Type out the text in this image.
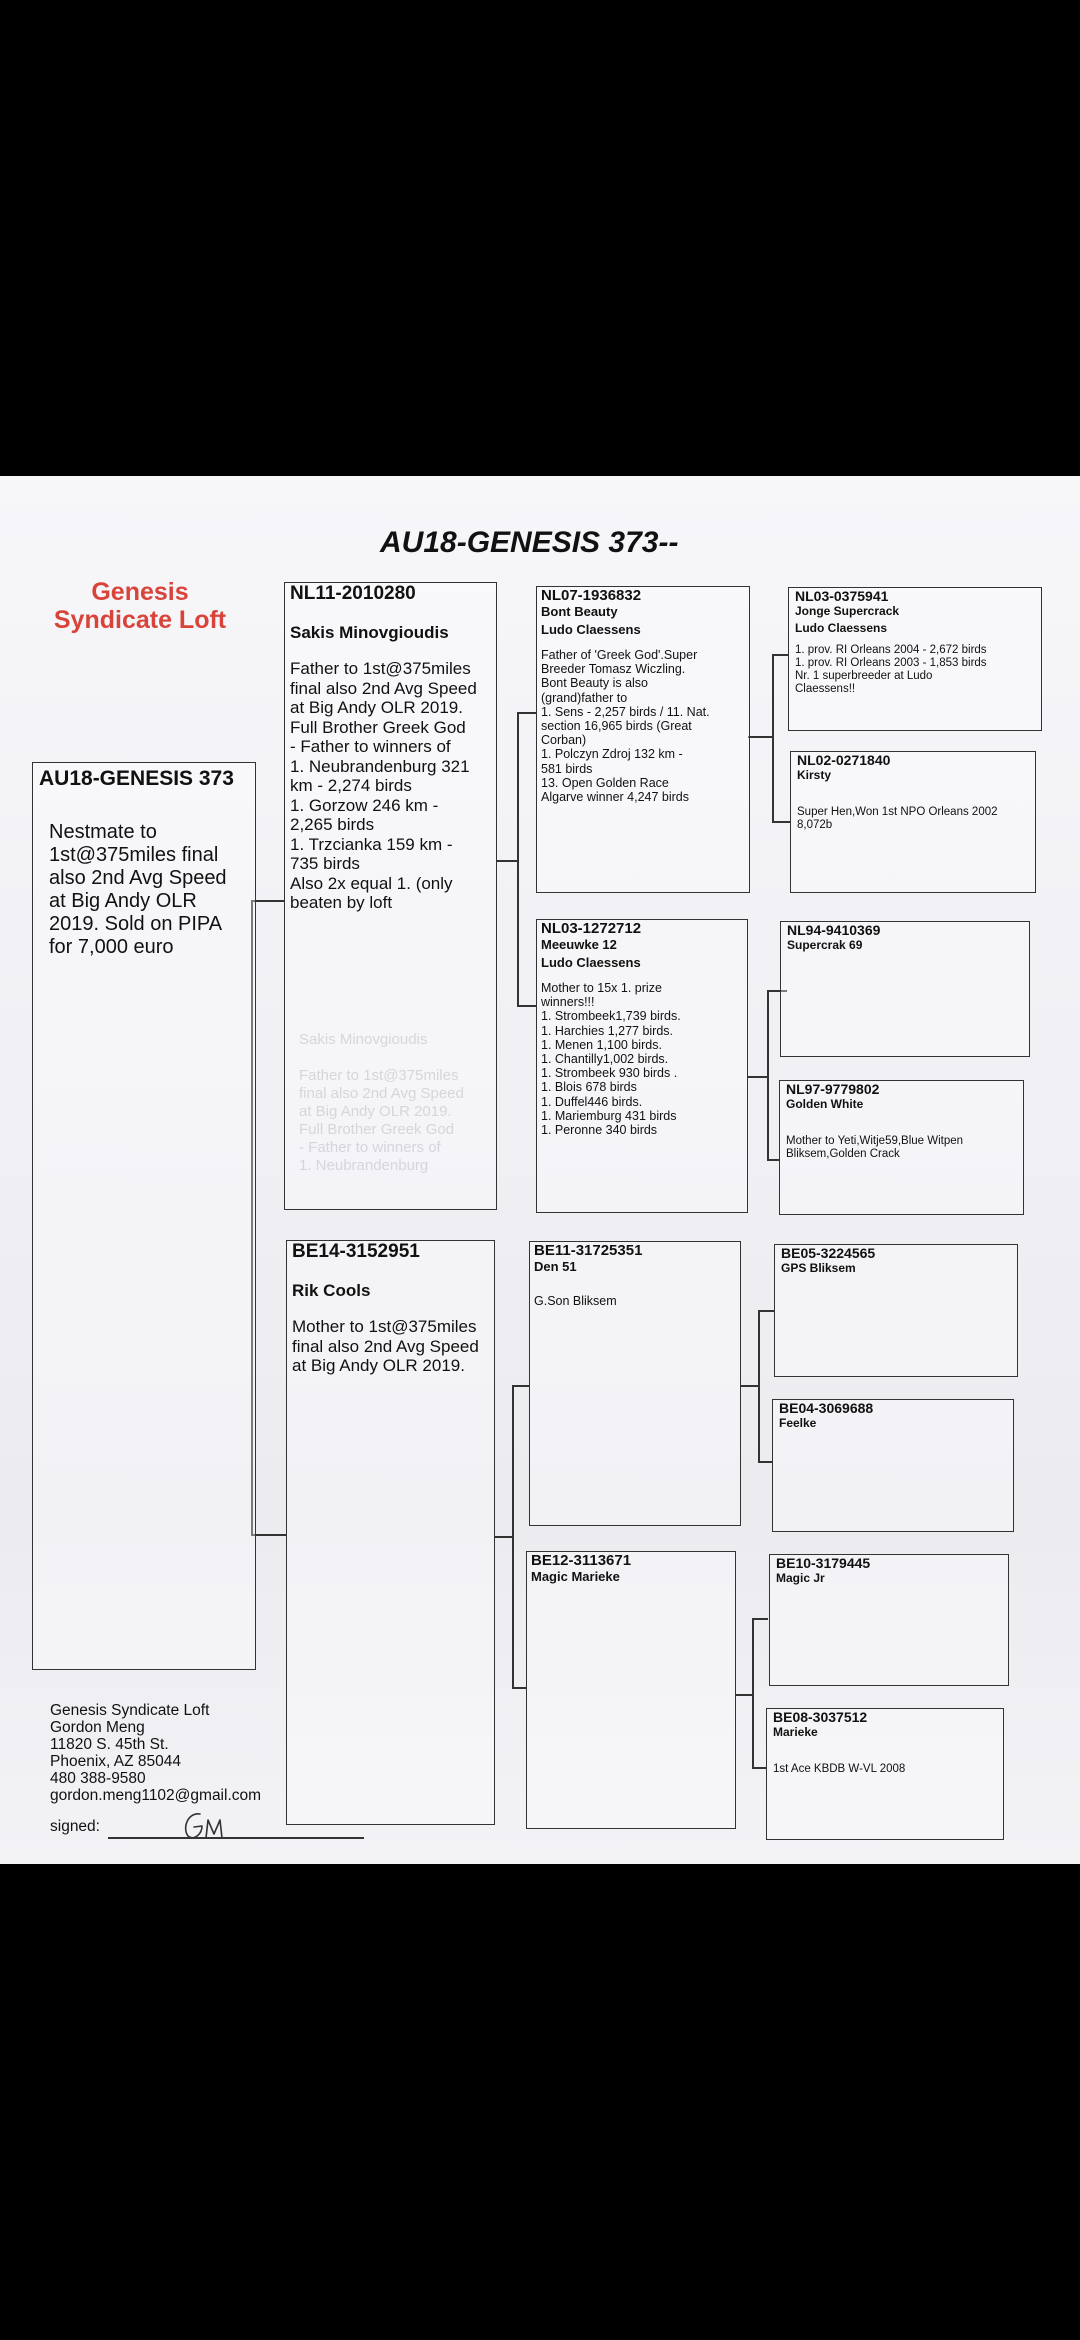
AU18-GENESIS 373--
Genesis
Syndicate Loft
AU18-GENESIS 373
Nestmate to
1st@375miles final
also 2nd Avg Speed
at Big Andy OLR
2019. Sold on PIPA
for 7,000 euro
NL11-2010280
Sakis Minovgioudis
Father to 1st@375miles
final also 2nd Avg Speed
at Big Andy OLR 2019.
Full Brother Greek God
- Father to winners of
1. Neubrandenburg 321
km - 2,274 birds
1. Gorzow 246 km -
2,265 birds
1. Trzcianka 159 km -
735 birds
Also 2x equal 1. (only
beaten by loft
Sakis Minovgioudis

Father to 1st@375miles
final also 2nd Avg Speed
at Big Andy OLR 2019.
Full Brother Greek God
- Father to winners of
1. Neubrandenburg
BE14-3152951
Rik Cools
Mother to 1st@375miles
final also 2nd Avg Speed
at Big Andy OLR 2019.
NL07-1936832
Bont Beauty
Ludo Claessens
Father of 'Greek God'.Super
Breeder Tomasz Wiczling.
Bont Beauty is also
(grand)father to
1. Sens - 2,257 birds / 11. Nat.
section 16,965 birds (Great
Corban)
1. Polczyn Zdroj 132 km -
581 birds
13. Open Golden Race
Algarve winner 4,247 birds
NL03-1272712
Meeuwke 12
Ludo Claessens
Mother to 15x 1. prize
winners!!!
1. Strombeek1,739 birds.
1. Harchies 1,277 birds.
1. Menen 1,100 birds.
1. Chantilly1,002 birds.
1. Strombeek 930 birds .
1. Blois 678 birds
1. Duffel446 birds.
1. Mariemburg 431 birds
1. Peronne 340 birds
BE11-31725351
Den 51
G.Son Bliksem
BE12-3113671
Magic Marieke
NL03-0375941
Jonge Supercrack
Ludo Claessens
1. prov. RI Orleans 2004 - 2,672 birds
1. prov. RI Orleans 2003 - 1,853 birds
Nr. 1 superbreeder at Ludo
Claessens!!
NL02-0271840
Kirsty
Super Hen,Won 1st NPO Orleans 2002
8,072b
NL94-9410369
Supercrak 69
NL97-9779802
Golden White
Mother to Yeti,Witje59,Blue Witpen
Bliksem,Golden Crack
BE05-3224565
GPS Bliksem
BE04-3069688
Feelke
BE10-3179445
Magic Jr
BE08-3037512
Marieke
1st Ace KBDB W-VL 2008
Genesis Syndicate Loft
Gordon Meng
11820 S. 45th St.
Phoenix, AZ 85044
480 388-9580
gordon.meng1102@gmail.com
signed:
